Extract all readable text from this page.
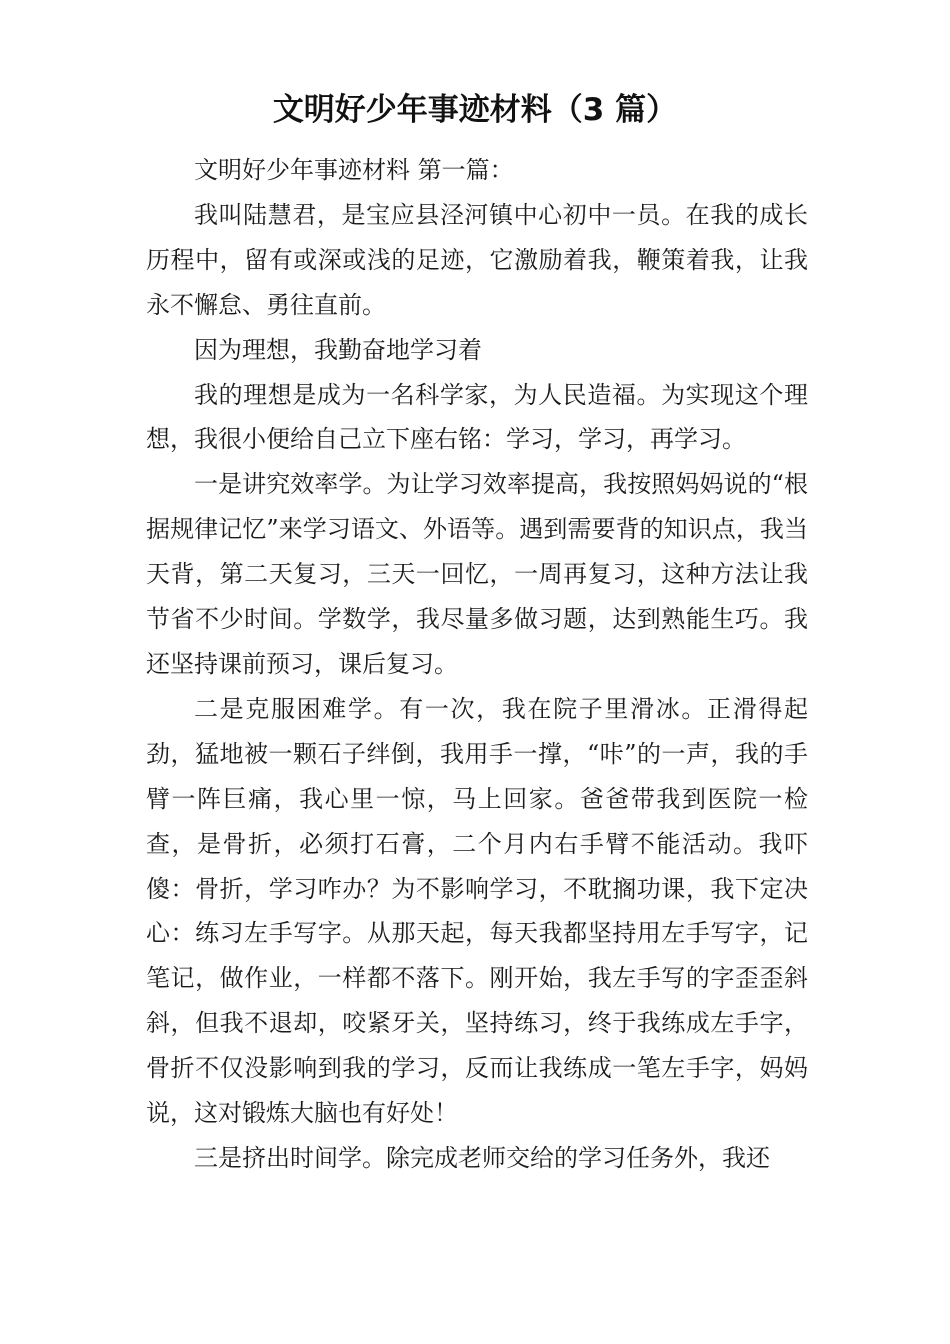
文明好少年事迹材料（3 篇）

文明好少年事迹材料 第一篇：

我叫陆慧君，是宝应县泾河镇中心初中一员。在我的成长历程中，留有或深或浅的足迹，它激励着我，鞭策着我，让我永不懈怠、勇往直前。

因为理想，我勤奋地学习着

我的理想是成为一名科学家，为人民造福。为实现这个理想，我很小便给自己立下座右铭：学习，学习，再学习。

一是讲究效率学。为让学习效率提高，我按照妈妈说的“根据规律记忆”来学习语文、外语等。遇到需要背的知识点，我当天背，第二天复习，三天一回忆，一周再复习，这种方法让我节省不少时间。学数学，我尽量多做习题，达到熟能生巧。我还坚持课前预习，课后复习。

二是克服困难学。有一次，我在院子里滑冰。正滑得起劲，猛地被一颗石子绊倒，我用手一撑，“咔”的一声，我的手臂一阵巨痛，我心里一惊，马上回家。爸爸带我到医院一检查，是骨折，必须打石膏，二个月内右手臂不能活动。我吓傻：骨折，学习咋办？为不影响学习，不耽搁功课，我下定决心：练习左手写字。从那天起，每天我都坚持用左手写字，记笔记，做作业，一样都不落下。刚开始，我左手写的字歪歪斜斜，但我不退却，咬紧牙关，坚持练习，终于我练成左手字，骨折不仅没影响到我的学习，反而让我练成一笔左手字，妈妈说，这对锻炼大脑也有好处！

三是挤出时间学。除完成老师交给的学习任务外，我还
